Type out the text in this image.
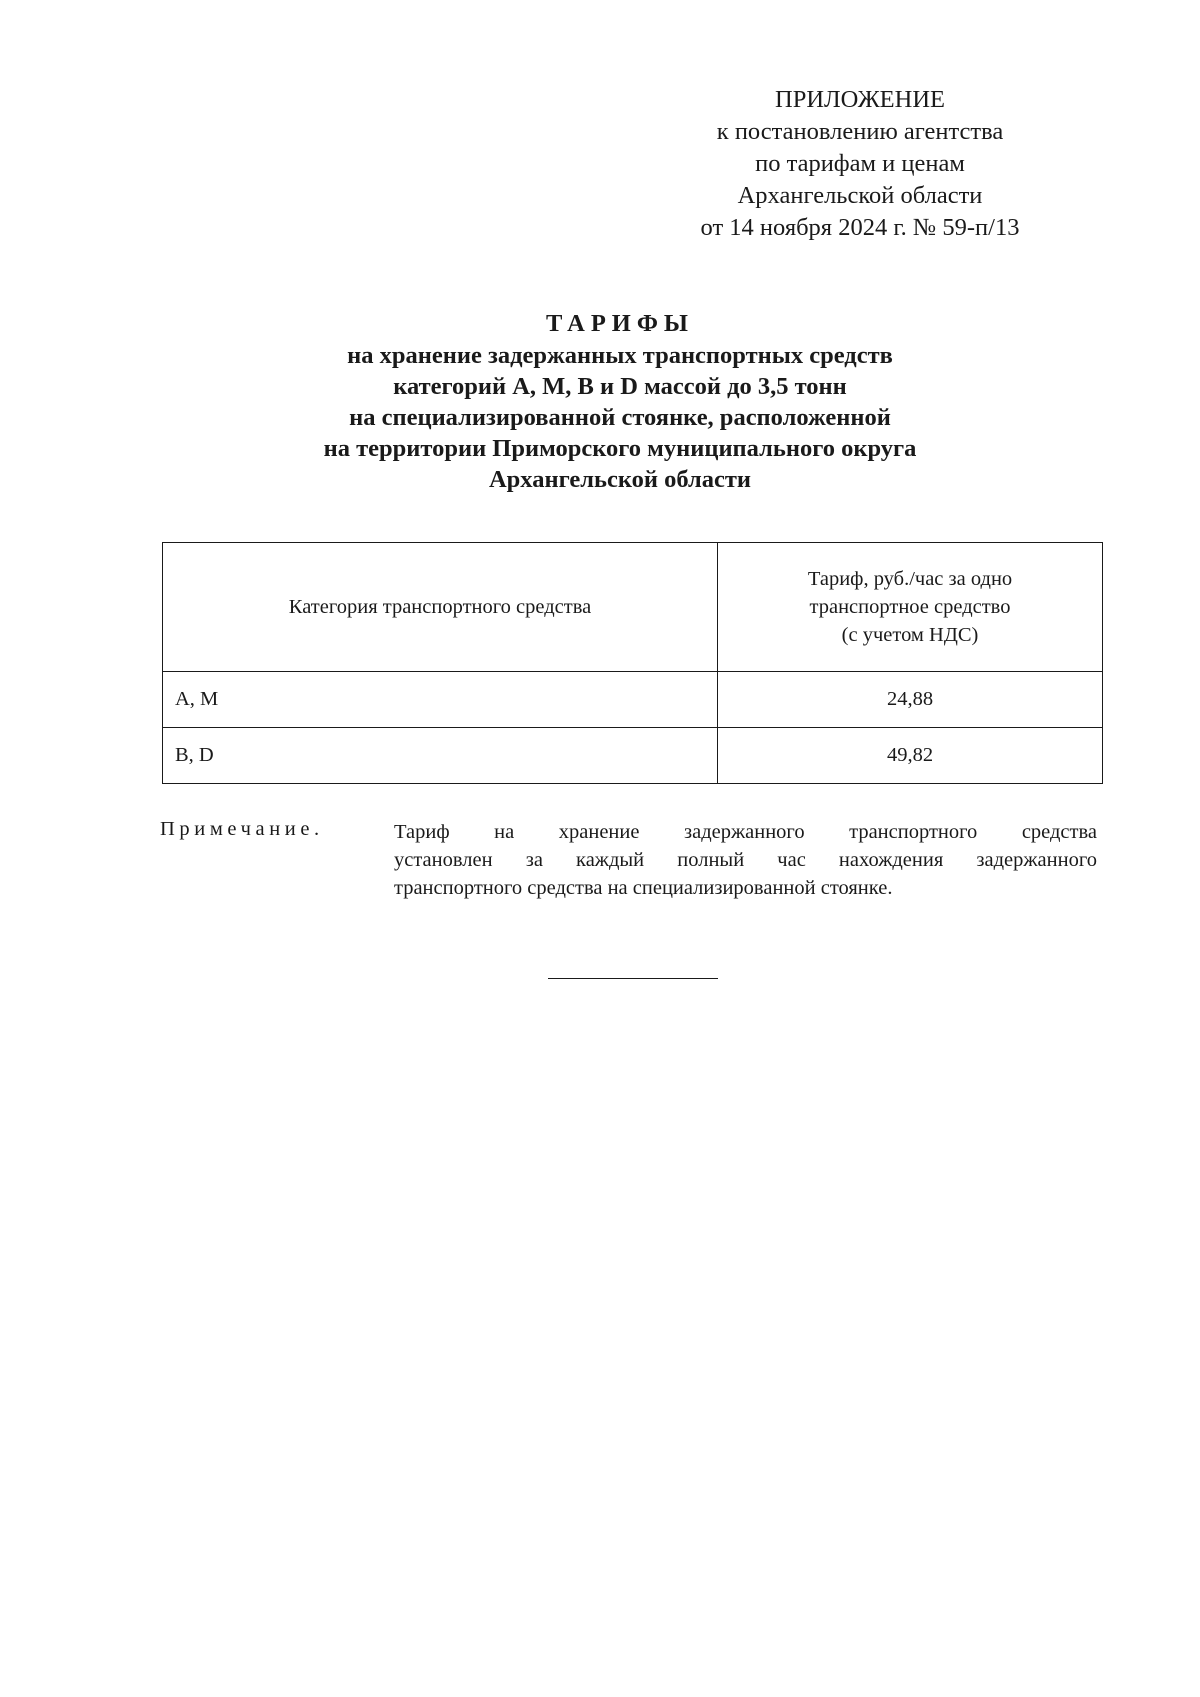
ПРИЛОЖЕНИЕ
к постановлению агентства
по тарифам и ценам
Архангельской области
от 14 ноября 2024 г. № 59-п/13
ТАРИФЫ
на хранение задержанных транспортных средств
категорий A, M, B и D массой до 3,5 тонн
на специализированной стоянке, расположенной
на территории Приморского муниципального округа
Архангельской области
Категория транспортного средства	Тариф, руб./час за одно
транспортное средство
(с учетом НДС)

A, M	24,88
B, D	49,82
Примечание.	Тариф на хранение задержанного транспортного средства
установлен за каждый полный час нахождения задержанного
транспортного средства на специализированной стоянке.
